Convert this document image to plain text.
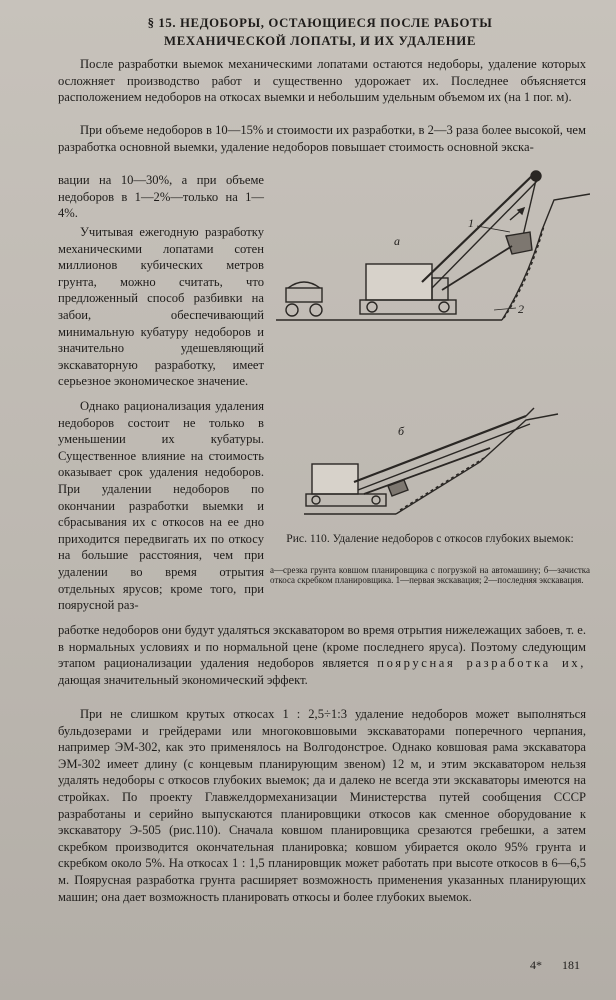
§ 15. НЕДОБОРЫ, ОСТАЮЩИЕСЯ ПОСЛЕ РАБОТЫ
МЕХАНИЧЕСКОЙ ЛОПАТЫ, И ИХ УДАЛЕНИЕ

После разработки выемок механическими лопатами остаются недоборы, удаление которых осложняет производство работ и существенно удорожает их. Последнее объясняется расположением недоборов на откосах выемки и небольшим удельным объемом их (на 1 пог. м).

При объеме недоборов в 10—15% и стоимости их разработки, в 2—3 раза более высокой, чем разработка основной выемки, удаление недоборов повышает стоимость основной экска-

вации на 10—30%, а при объеме недоборов в 1—2%—только на 1—4%.

Учитывая ежегодную разработку механическими лопатами сотен миллионов кубических метров грунта, можно считать, что предложенный способ разбивки на забои, обеспечивающий минимальную кубатуру недоборов и значительно удешевляющий экскаваторную разработку, имеет серьезное экономическое значение.

Однако рационализация удаления недоборов состоит не только в уменьшении их кубатуры. Существенное влияние на стоимость оказывает срок удаления недоборов. При удалении недоборов по окончании разработки выемки и сбрасывания их с откосов на ее дно приходится передвигать их по откосу на большие расстояния, чем при удалении во время отрытия отдельных ярусов; кроме того, при поярусной раз-

работке недоборов они будут удаляться экскаватором во время отрытия нижележащих забоев, т. е. в нормальных условиях и по нормальной цене (кроме последнего яруса). Поэтому следующим этапом рационализации удаления недоборов является поярусная разработка их, дающая значительный экономический эффект.

При не слишком крутых откосах 1 : 2,5÷1:3 удаление недоборов может выполняться бульдозерами и грейдерами или многоковшовыми экскаваторами поперечного черпания, например ЭМ-302, как это применялось на Волгодонстрое. Однако ковшовая рама экскаватора ЭМ-302 имеет длину (с концевым планирующим звеном) 12 м, и этим экскаватором нельзя удалять недоборы с откосов глубоких выемок; да и далеко не всегда эти экскаваторы имеются на стройках. По проекту Главжелдормеханизации Министерства путей сообщения СССР разработаны и серийно выпускаются планировщики откосов как сменное оборудование к экскаватору Э-505 (рис.110). Сначала ковшом планировщика срезаются гребешки, а затем скребком производится окончательная планировка; ковшом убирается около 95% грунта и скребком около 5%. На откосах 1 : 1,5 планировщик может работать при высоте откосов в 6—6,5 м. Поярусная разработка грунта расширяет возможность применения указанных планирующих машин; она дает возможность планировать откосы и более глубоких выемок.

а
1
2
б
Рис. 110. Удаление недоборов с откосов глубоких выемок:
а—срезка грунта ковшом планировщика с погрузкой на автомашину; б—зачистка откоса скребком планировщика. 1—первая экскавация; 2—последняя экскавация.
4* 181
